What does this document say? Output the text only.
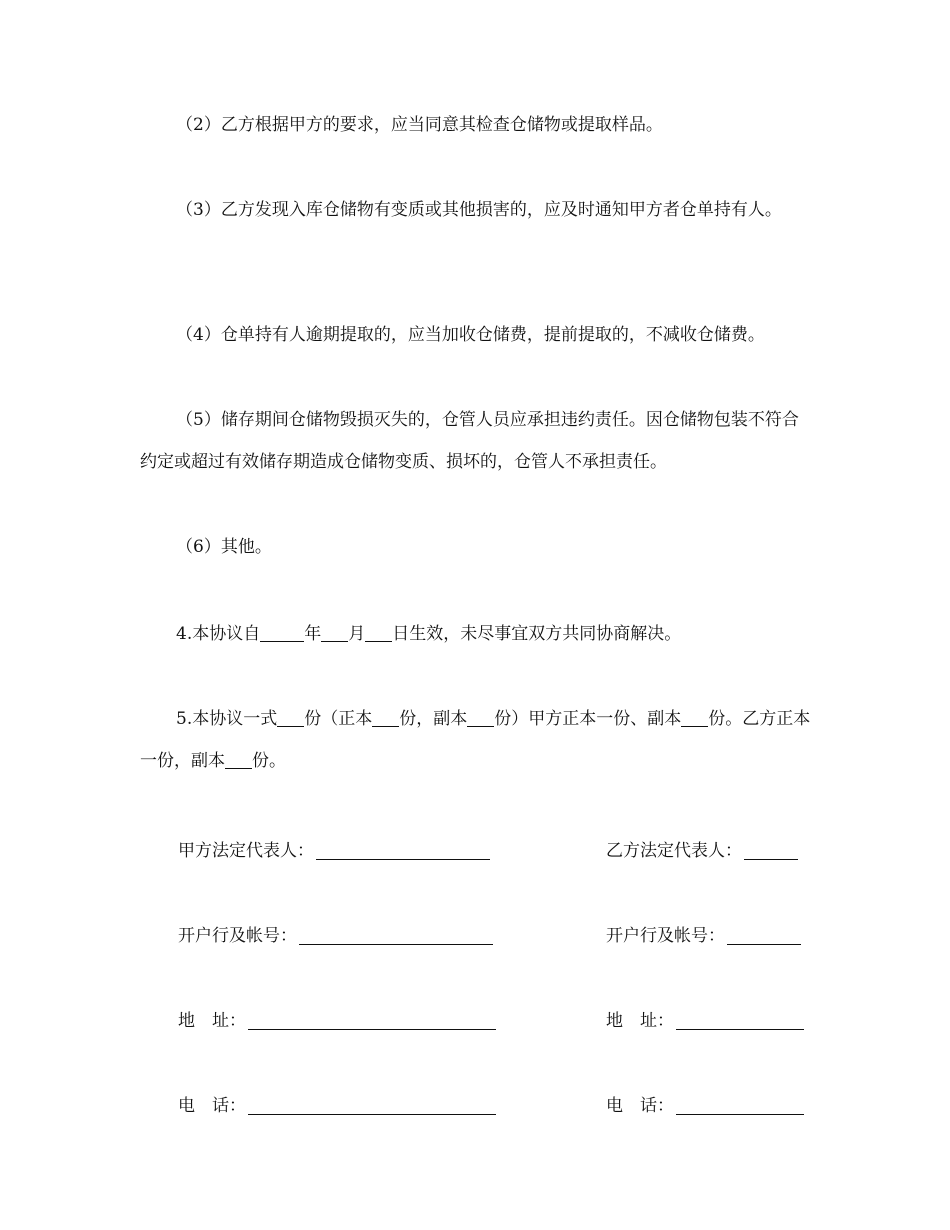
（2）乙方根据甲方的要求，应当同意其检查仓储物或提取样品。

（3）乙方发现入库仓储物有变质或其他损害的，应及时通知甲方者仓单持有人。

（4）仓单持有人逾期提取的，应当加收仓储费，提前提取的，不减收仓储费。

（5）储存期间仓储物毁损灭失的，仓管人员应承担违约责任。因仓储物包装不符合约定或超过有效储存期造成仓储物变质、损坏的，仓管人不承担责任。

（6）其他。

4.本协议自	年 月 日生效，未尽事宜双方共同协商解决。

5.本协议一式 份（正本 份，副本 份）甲方正本一份、副本 份。乙方正本一份，副本 份。

甲方法定代表人：	乙方法定代表人：
开户行及帐号：	开户行及帐号：
地　址：	地　址：
电　话：	电　话：
